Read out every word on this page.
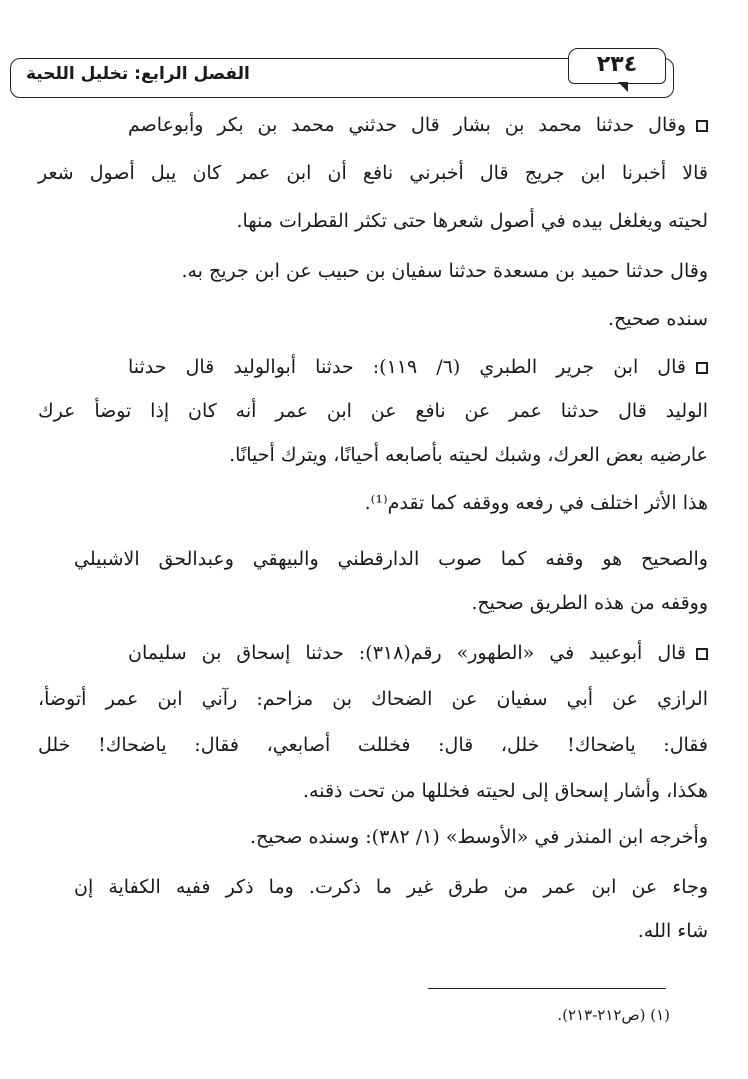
٢٣٤
الفصل الرابع: تخليل اللحية
وقال حدثنا محمد بن بشار قال حدثني محمد بن بكر وأبوعاصم
قالا أخبرنا ابن جريج قال أخبرني نافع أن ابن عمر كان يبل أصول شعر
لحيته ويغلغل بيده في أصول شعرها حتى تكثر القطرات منها.
وقال حدثنا حميد بن مسعدة حدثنا سفيان بن حبيب عن ابن جريج به.
سنده صحيح.
قال ابن جرير الطبري (٦/ ١١٩): حدثنا أبوالوليد قال حدثنا
الوليد قال حدثنا عمر عن نافع عن ابن عمر أنه كان إذا توضأ عرك
عارضيه بعض العرك، وشبك لحيته بأصابعه أحيانًا، ويترك أحيانًا.
هذا الأثر اختلف في رفعه ووقفه كما تقدم⁽¹⁾.
والصحيح هو وقفه كما صوب الدارقطني والبيهقي وعبدالحق الاشبيلي
ووقفه من هذه الطريق صحيح.
قال أبوعبيد في «الطهور» رقم(٣١٨): حدثنا إسحاق بن سليمان
الرازي عن أبي سفيان عن الضحاك بن مزاحم: رآني ابن عمر أتوضأ،
فقال: ياضحاك! خلل، قال: فخللت أصابعي، فقال: ياضحاك! خلل
هكذا، وأشار إسحاق إلى لحيته فخللها من تحت ذقنه.
وأخرجه ابن المنذر في «الأوسط» (١/ ٣٨٢): وسنده صحيح.
وجاء عن ابن عمر من طرق غير ما ذكرت. وما ذكر ففيه الكفاية إن
شاء الله.
(١) (ص٢١٢-٢١٣).
